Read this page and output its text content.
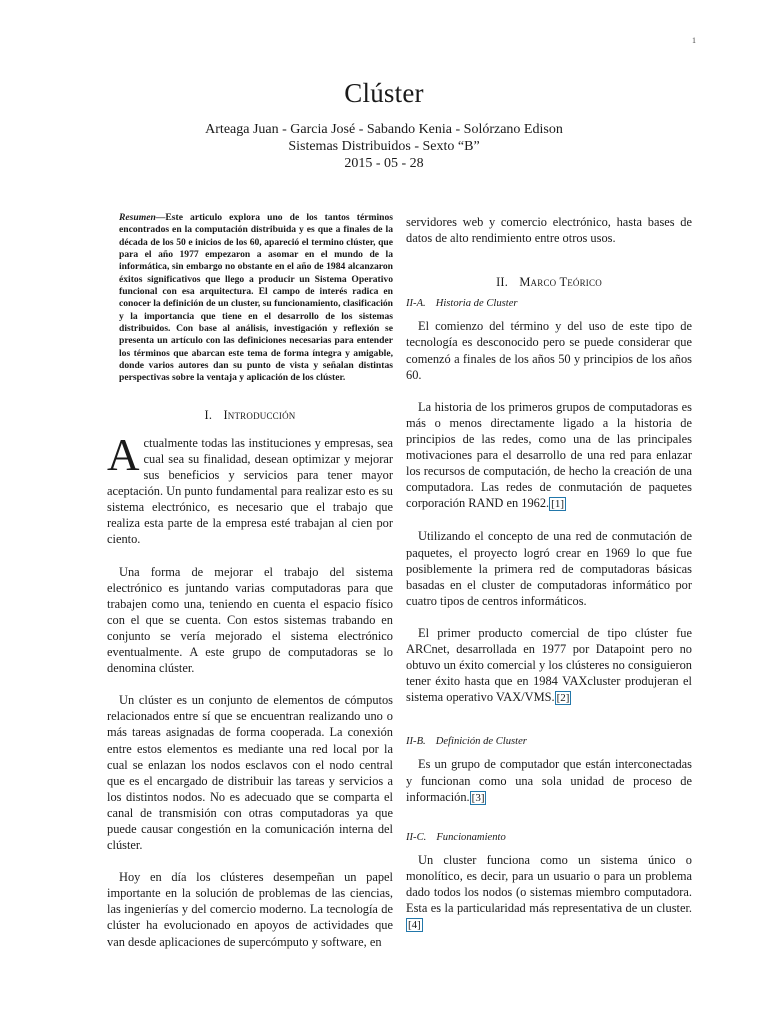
1
Clúster
Arteaga Juan - Garcia José - Sabando Kenia - Solórzano Edison
Sistemas Distribuidos - Sexto “B”
2015 - 05 - 28
Resumen—Este articulo explora uno de los tantos términos encontrados en la computación distribuida y es que a finales de la década de los 50 e inicios de los 60, apareció el termino clúster, que para el año 1977 empezaron a asomar en el mundo de la informática, sin embargo no obstante en el año de 1984 alcanzaron éxitos significativos que llego a producir un Sistema Operativo funcional con esa arquitectura. El campo de interés radica en conocer la definición de un cluster, su funcionamiento, clasificación y la importancia que tiene en el desarrollo de los sistemas distribuidos. Con base al análisis, investigación y reflexión se presenta un artículo con las definiciones necesarias para entender los términos que abarcan este tema de forma íntegra y amigable, donde varios autores dan su punto de vista y señalan distintas perspectivas sobre la ventaja y aplicación de los clúster.
I. Introducción
Actualmente todas las instituciones y empresas, sea cual sea su finalidad, desean optimizar y mejorar sus beneficios y servicios para tener mayor aceptación. Un punto fundamental para realizar esto es su sistema electrónico, es necesario que el trabajo que realiza esta parte de la empresa esté trabajan al cien por ciento.

Una forma de mejorar el trabajo del sistema electrónico es juntando varias computadoras para que trabajen como una, teniendo en cuenta el espacio físico con el que se cuenta. Con estos sistemas trabando en conjunto se vería mejorado el sistema electrónico eventualmente. A este grupo de computadoras se lo denomina clúster.

Un clúster es un conjunto de elementos de cómputos relacionados entre sí que se encuentran realizando uno o más tareas asignadas de forma cooperada. La conexión entre estos elementos es mediante una red local por la cual se enlazan los nodos esclavos con el nodo central que es el encargado de distribuir las tareas y servicios a los distintos nodos. No es adecuado que se comparta el canal de transmisión con otras computadoras ya que puede causar congestión en la comunicación interna del clúster.

Hoy en día los clústeres desempeñan un papel importante en la solución de problemas de las ciencias, las ingenierías y del comercio moderno. La tecnología de clúster ha evolucionado en apoyos de actividades que van desde aplicaciones de supercómputo y software, en

servidores web y comercio electrónico, hasta bases de datos de alto rendimiento entre otros usos.

II. Marco Teórico
II-A. Historia de Cluster

El comienzo del término y del uso de este tipo de tecnología es desconocido pero se puede considerar que comenzó a finales de los años 50 y principios de los años 60.

La historia de los primeros grupos de computadoras es más o menos directamente ligado a la historia de principios de las redes, como una de las principales motivaciones para el desarrollo de una red para enlazar los recursos de computación, de hecho la creación de una computadora. Las redes de conmutación de paquetes corporación RAND en 1962. [1]

Utilizando el concepto de una red de conmutación de paquetes, el proyecto logró crear en 1969 lo que fue posiblemente la primera red de computadoras básicas basadas en el cluster de computadoras informático por cuatro tipos de centros informáticos.

El primer producto comercial de tipo clúster fue ARCnet, desarrollada en 1977 por Datapoint pero no obtuvo un éxito comercial y los clústeres no consiguieron tener éxito hasta que en 1984 VAXcluster produjeran el sistema operativo VAX/VMS. [2]

II-B. Definición de Cluster

Es un grupo de computador que están interconectadas y funcionan como una sola unidad de proceso de información. [3]

II-C. Funcionamiento

Un cluster funciona como un sistema único o monolítico, es decir, para un usuario o para un problema dado todos los nodos (o sistemas miembro computadora. Esta es la particularidad más representativa de un cluster.[4]
